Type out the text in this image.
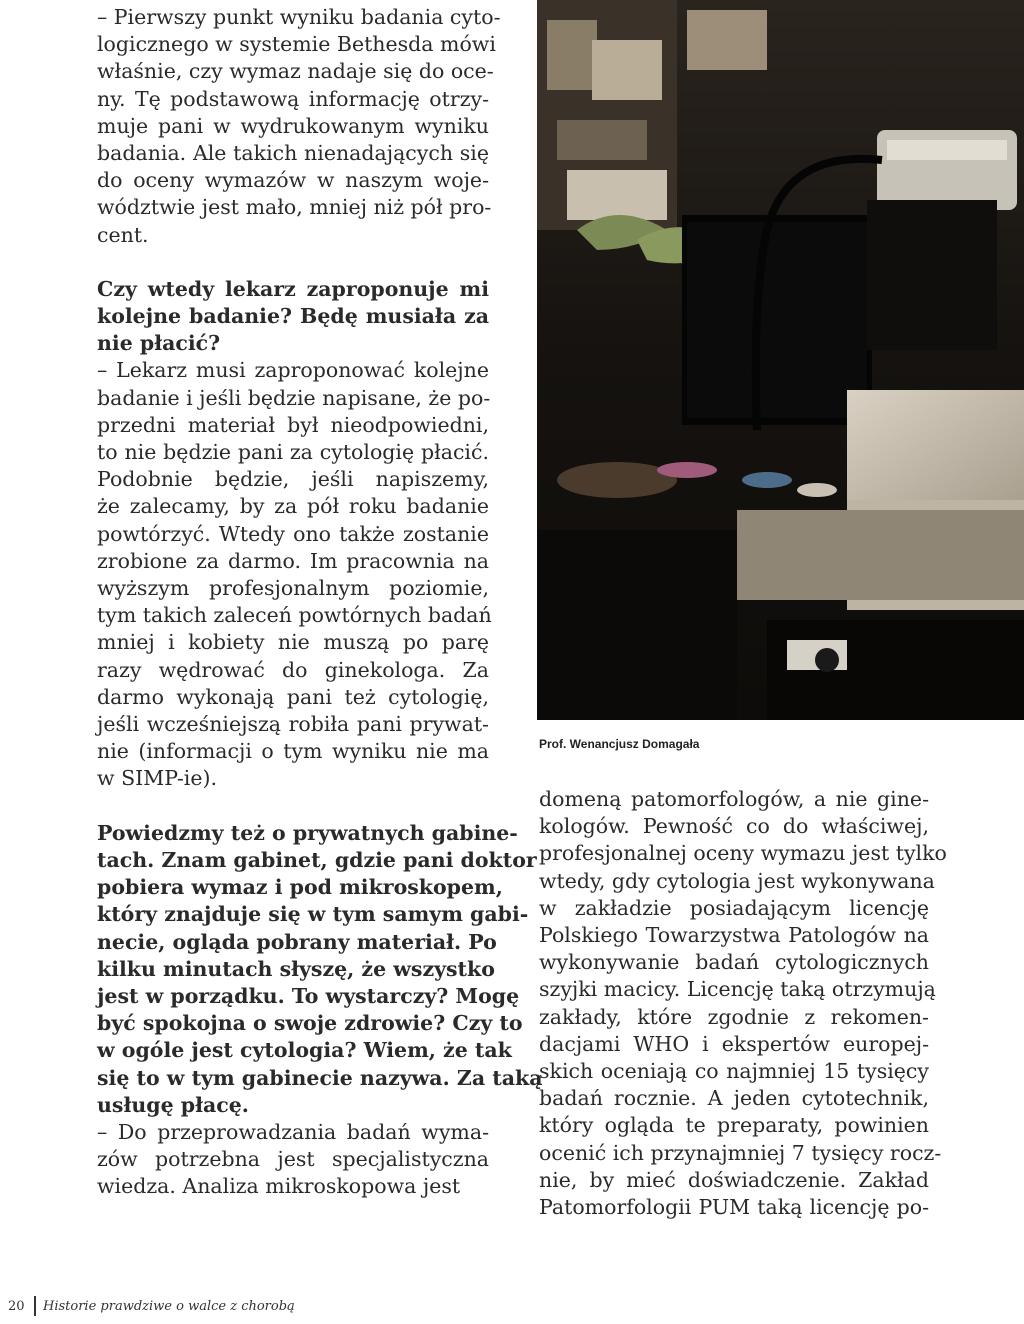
– Pierwszy punkt wyniku badania cyto-
logicznego w systemie Bethesda mówi
właśnie, czy wymaz nadaje się do oce-
ny. Tę podstawową informację otrzy-
muje pani w wydrukowanym wyniku
badania. Ale takich nienadających się
do oceny wymazów w naszym woje-
wództwie jest mało, mniej niż pół pro-
cent.
Czy wtedy lekarz zaproponuje mi
kolejne badanie? Będę musiała za
nie płacić?
– Lekarz musi zaproponować kolejne
badanie i jeśli będzie napisane, że po-
przedni materiał był nieodpowiedni,
to nie będzie pani za cytologię płacić.
Podobnie będzie, jeśli napiszemy,
że zalecamy, by za pół roku badanie
powtórzyć. Wtedy ono także zostanie
zrobione za darmo. Im pracownia na
wyższym profesjonalnym poziomie,
tym takich zaleceń powtórnych badań
mniej i kobiety nie muszą po parę
razy wędrować do ginekologa. Za
darmo wykonają pani też cytologię,
jeśli wcześniejszą robiła pani prywat-
nie (informacji o tym wyniku nie ma
w SIMP-ie).
Powiedzmy też o prywatnych gabine-
tach. Znam gabinet, gdzie pani doktor
pobiera wymaz i pod mikroskopem,
który znajduje się w tym samym gabi-
necie, ogląda pobrany materiał. Po
kilku minutach słyszę, że wszystko
jest w porządku. To wystarczy? Mogę
być spokojna o swoje zdrowie? Czy to
w ogóle jest cytologia? Wiem, że tak
się to w tym gabinecie nazywa. Za taką
usługę płacę.
– Do przeprowadzania badań wyma-
zów potrzebna jest specjalistyczna
wiedza. Analiza mikroskopowa jest
Prof. Wenancjusz Domagała
domeną patomorfologów, a nie gine-
kologów. Pewność co do właściwej,
profesjonalnej oceny wymazu jest tylko
wtedy, gdy cytologia jest wykonywana
w zakładzie posiadającym licencję
Polskiego Towarzystwa Patologów na
wykonywanie badań cytologicznych
szyjki macicy. Licencję taką otrzymują
zakłady, które zgodnie z rekomen-
dacjami WHO i ekspertów europej-
skich oceniają co najmniej 15 tysięcy
badań rocznie. A jeden cytotechnik,
który ogląda te preparaty, powinien
ocenić ich przynajmniej 7 tysięcy rocz-
nie, by mieć doświadczenie. Zakład
Patomorfologii PUM taką licencję po-
20 Historie prawdziwe o walce z chorobą
